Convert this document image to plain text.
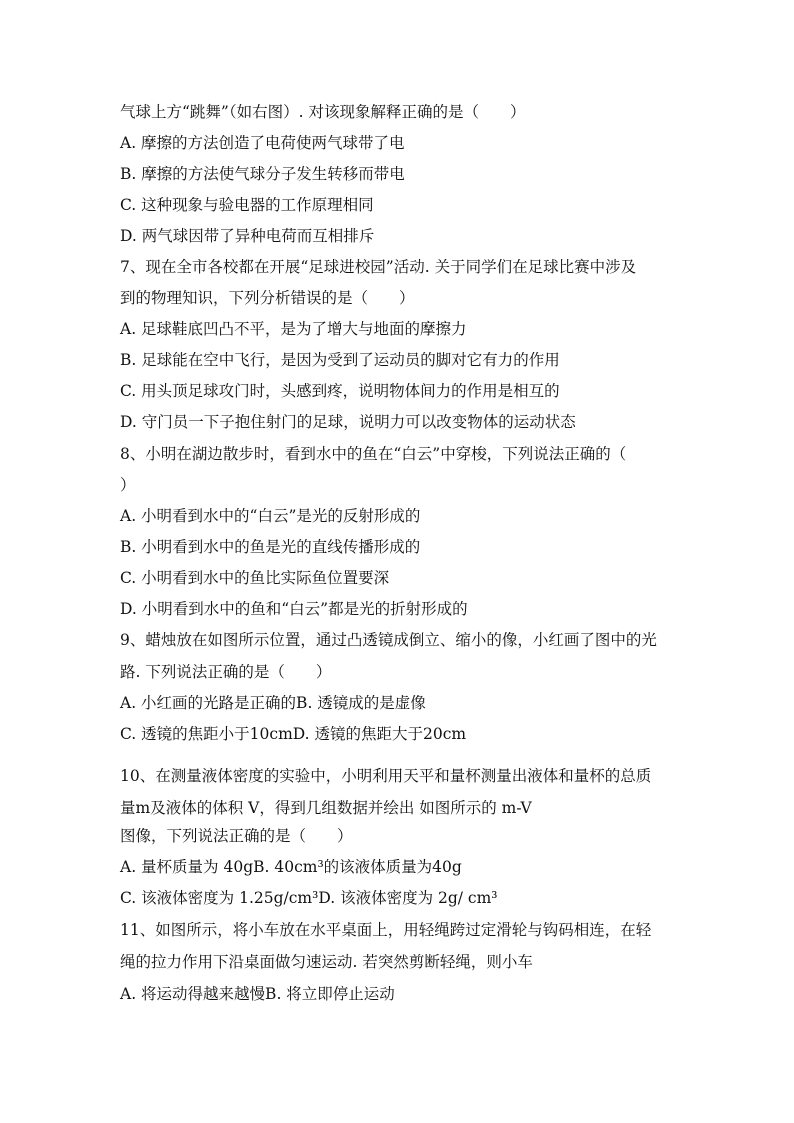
气球上方“跳舞”（如右图）. 对该现象解释正确的是（　　）
A. 摩擦的方法创造了电荷使两气球带了电
B. 摩擦的方法使气球分子发生转移而带电
C. 这种现象与验电器的工作原理相同
D. 两气球因带了异种电荷而互相排斥
7、现在全市各校都在开展“足球进校园”活动. 关于同学们在足球比赛中涉及
到的物理知识，下列分析错误的是（　　）
A. 足球鞋底凹凸不平，是为了增大与地面的摩擦力
B. 足球能在空中飞行，是因为受到了运动员的脚对它有力的作用
C. 用头顶足球攻门时，头感到疼，说明物体间力的作用是相互的
D. 守门员一下子抱住射门的足球，说明力可以改变物体的运动状态
8、小明在湖边散步时，看到水中的鱼在“白云”中穿梭，下列说法正确的（
）
A. 小明看到水中的“白云”是光的反射形成的
B. 小明看到水中的鱼是光的直线传播形成的
C. 小明看到水中的鱼比实际鱼位置要深
D. 小明看到水中的鱼和“白云”都是光的折射形成的
9、蜡烛放在如图所示位置，通过凸透镜成倒立、缩小的像，小红画了图中的光
路. 下列说法正确的是（　　）
A. 小红画的光路是正确的B. 透镜成的是虚像
C. 透镜的焦距小于10cmD. 透镜的焦距大于20cm
10、在测量液体密度的实验中，小明利用天平和量杯测量出液体和量杯的总质
量m及液体的体积 V，得到几组数据并绘出 如图所示的 m-V
图像，下列说法正确的是（　　）
A. 量杯质量为 40gB. 40cm³的该液体质量为40g
C. 该液体密度为 1.25g/cm³D. 该液体密度为 2g/ cm³
11、如图所示，将小车放在水平桌面上，用轻绳跨过定滑轮与钩码相连，在轻
绳的拉力作用下沿桌面做匀速运动. 若突然剪断轻绳，则小车
A. 将运动得越来越慢B. 将立即停止运动
